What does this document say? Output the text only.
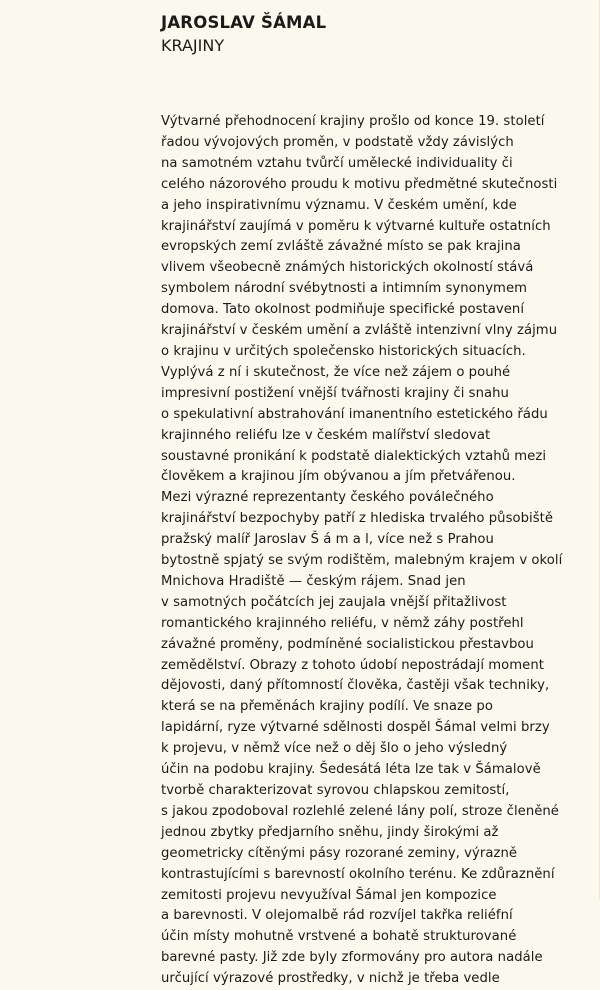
JAROSLAV ŠÁMAL
KRAJINY
Výtvarné přehodnocení krajiny prošlo od konce 19. století
řadou vývojových proměn, v podstatě vždy závislých
na samotném vztahu tvůrčí umělecké individuality či
celého názorového proudu k motivu předmětné skutečnosti
a jeho inspirativnímu významu. V českém umění, kde
krajinářství zaujímá v poměru k výtvarné kultuře ostatních
evropských zemí zvláště závažné místo se pak krajina
vlivem všeobecně známých historických okolností stává
symbolem národní svébytnosti a intimním synonymem
domova. Tato okolnost podmiňuje specifické postavení
krajinářství v českém umění a zvláště intenzivní vlny zájmu
o krajinu v určitých společensko historických situacích.
Vyplývá z ní i skutečnost, že více než zájem o pouhé
impresivní postižení vnější tvářnosti krajiny či snahu
o spekulativní abstrahování imanentního estetického řádu
krajinného reliéfu lze v českém malířství sledovat
soustavné pronikání k podstatě dialektických vztahů mezi
člověkem a krajinou jím obývanou a jím přetvářenou.
Mezi výrazné reprezentanty českého poválečného
krajinářství bezpochyby patří z hlediska trvalého působiště
pražský malíř Jaroslav Š á m a l, více než s Prahou
bytostně spjatý se svým rodištěm, malebným krajem v okolí
Mnichova Hradiště — českým rájem. Snad jen
v samotných počátcích jej zaujala vnější přitažlivost
romantického krajinného reliéfu, v němž záhy postřehl
závažné proměny, podmíněné socialistickou přestavbou
zemědělství. Obrazy z tohoto údobí nepostrádají moment
dějovosti, daný přítomností člověka, častěji však techniky,
která se na přeměnách krajiny podílí. Ve snaze po
lapidární, ryze výtvarné sdělnosti dospěl Šámal velmi brzy
k projevu, v němž více než o děj šlo o jeho výsledný
účin na podobu krajiny. Šedesátá léta lze tak v Šámalově
tvorbě charakterizovat syrovou chlapskou zemitostí,
s jakou zpodoboval rozlehlé zelené lány polí, stroze členěné
jednou zbytky předjarního sněhu, jindy širokými až
geometricky cítěnými pásy rozorané zeminy, výrazně
kontrastujícími s barevností okolního terénu. Ke zdůraznění
zemitosti projevu nevyužíval Šámal jen kompozice
a barevnosti. V olejomalbě rád rozvíjel takřka reliéfní
účin místy mohutně vrstvené a bohatě strukturované
barevné pasty. Již zde byly zformovány pro autora nadále
určující výrazové prostředky, v nichž je třeba vedle
